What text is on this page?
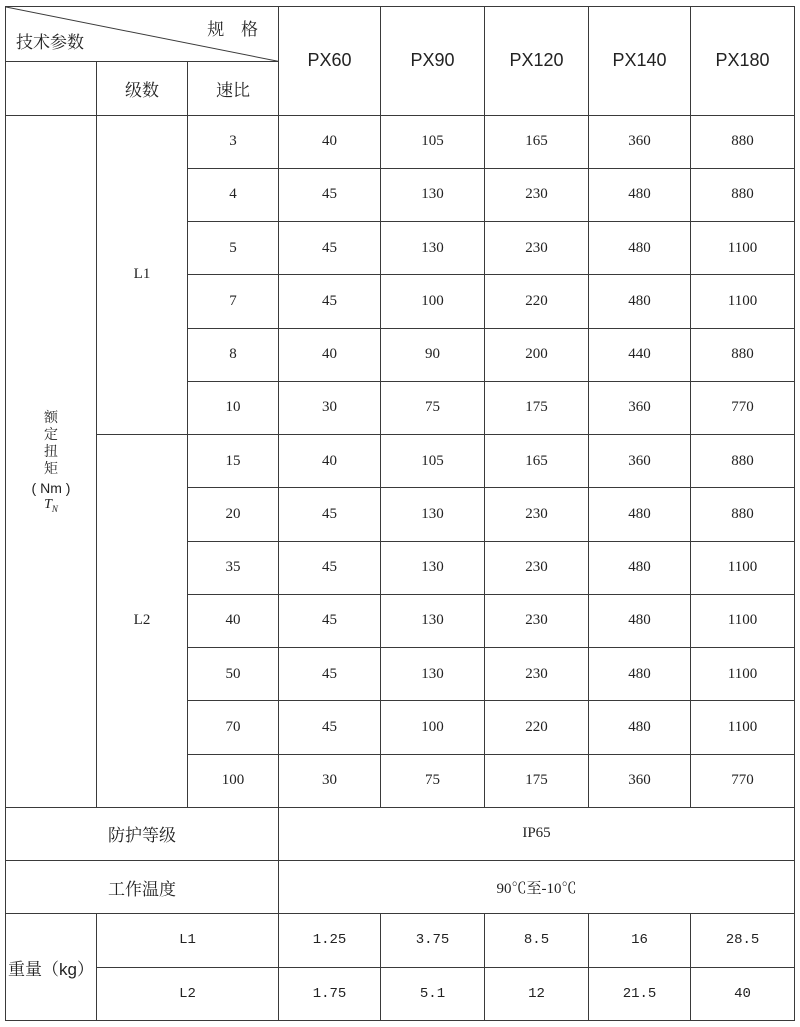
规 格
技术参数			PX60	PX90	PX120	PX140	PX180
	级数	速比					
额定扭矩
( Nm )
$T_N$	L1	3	40	105	165	360	880
		4	45	130	230	480	880
		5	45	130	230	480	1100
		7	45	100	220	480	1100
		8	40	90	200	440	880
		10	30	75	175	360	770
	L2	15	40	105	165	360	880
		20	45	130	230	480	880
		35	45	130	230	480	1100
		40	45	130	230	480	1100
		50	45	130	230	480	1100
		70	45	100	220	480	1100
		100	30	75	175	360	770
防护等级			IP65				
工作温度			90℃至-10℃				
重量（kg）	L1		1.25	3.75	8.5	16	28.5
	L2		1.75	5.1	12	21.5	40
